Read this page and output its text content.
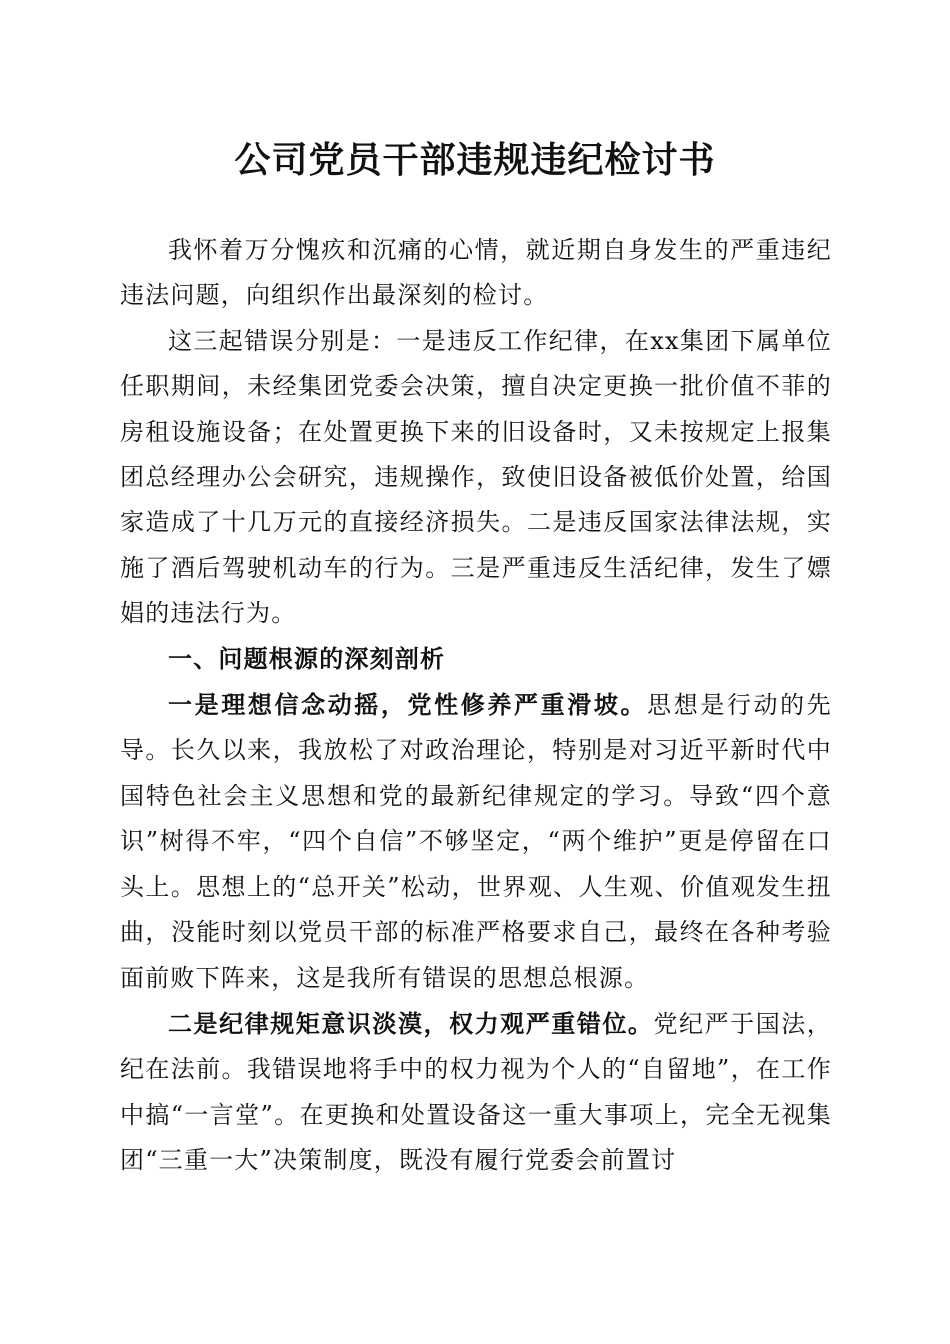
公司党员干部违规违纪检讨书

我怀着万分愧疚和沉痛的心情，就近期自身发生的严重违纪违法问题，向组织作出最深刻的检讨。

这三起错误分别是：一是违反工作纪律，在xx集团下属单位任职期间，未经集团党委会决策，擅自决定更换一批价值不菲的房租设施设备；在处置更换下来的旧设备时，又未按规定上报集团总经理办公会研究，违规操作，致使旧设备被低价处置，给国家造成了十几万元的直接经济损失。二是违反国家法律法规，实施了酒后驾驶机动车的行为。三是严重违反生活纪律，发生了嫖娼的违法行为。

一、问题根源的深刻剖析

一是理想信念动摇，党性修养严重滑坡。思想是行动的先导。长久以来，我放松了对政治理论，特别是对习近平新时代中国特色社会主义思想和党的最新纪律规定的学习。导致“四个意识”树得不牢，“四个自信”不够坚定，“两个维护”更是停留在口头上。思想上的“总开关”松动，世界观、人生观、价值观发生扭曲，没能时刻以党员干部的标准严格要求自己，最终在各种考验面前败下阵来，这是我所有错误的思想总根源。

二是纪律规矩意识淡漠，权力观严重错位。党纪严于国法，纪在法前。我错误地将手中的权力视为个人的“自留地”，在工作中搞“一言堂”。在更换和处置设备这一重大事项上，完全无视集团“三重一大”决策制度，既没有履行党委会前置讨
